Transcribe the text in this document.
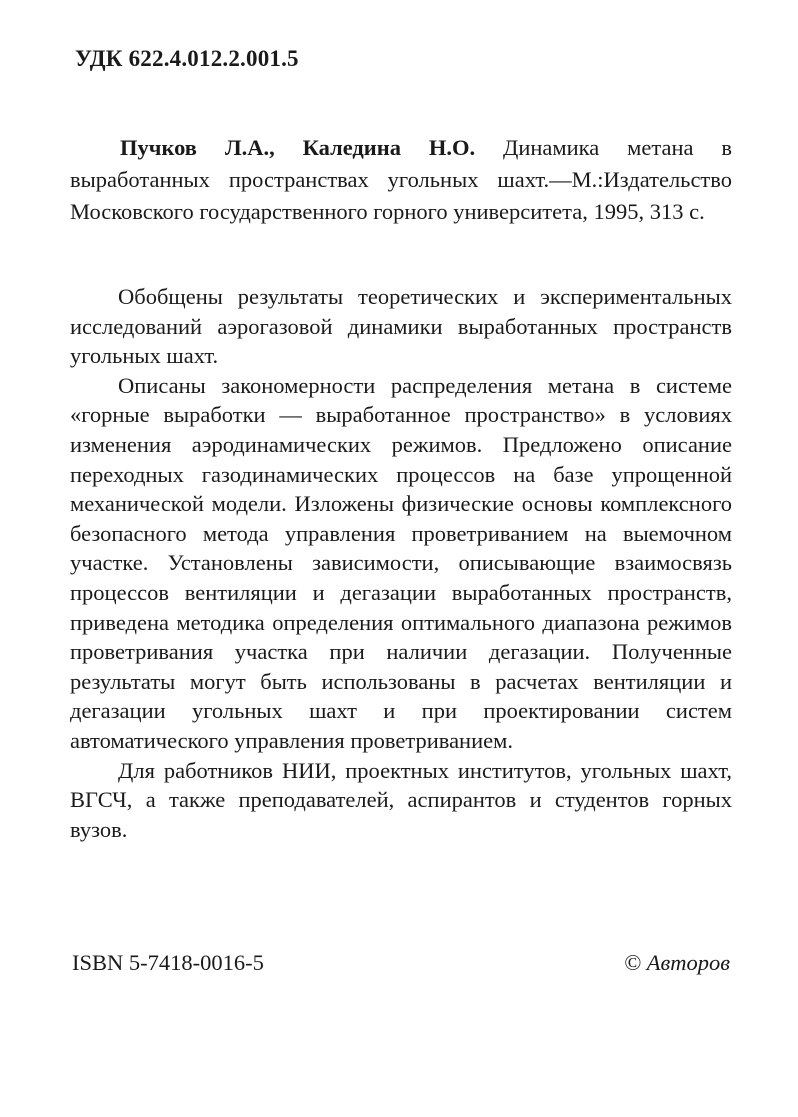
УДК 622.4.012.2.001.5

Пучков Л.А., Каледина Н.О. Динамика метана в выработанных пространствах угольных шахт.—М.:Издательство Московского государственного горного университета, 1995, 313 с.

Обобщены результаты теоретических и экспериментальных исследований аэрогазовой динамики выработанных пространств угольных шахт.

Описаны закономерности распределения метана в системе «горные выработки — выработанное пространство» в условиях изменения аэродинамических режимов. Предложено описание переходных газодинамических процессов на базе упрощенной механической модели. Изложены физические основы комплексного безопасного метода управления проветриванием на выемочном участке. Установлены зависимости, описывающие взаимосвязь процессов вентиляции и дегазации выработанных пространств, приведена методика определения оптимального диапазона режимов проветривания участка при наличии дегазации. Полученные результаты могут быть использованы в расчетах вентиляции и дегазации угольных шахт и при проектировании систем автоматического управления проветриванием.

Для работников НИИ, проектных институтов, угольных шахт, ВГСЧ, а также преподавателей, аспирантов и студентов горных вузов.

ISBN 5-7418-0016-5	© Авторов
